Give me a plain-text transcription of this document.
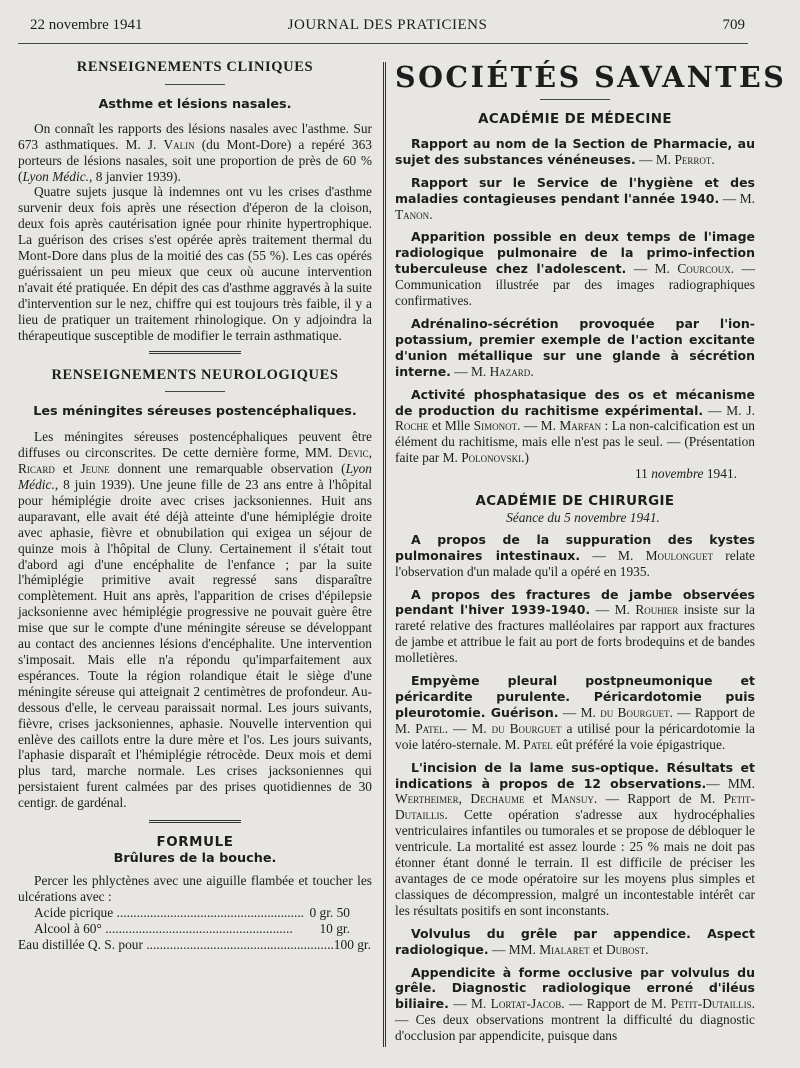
22 novembre 1941	JOURNAL DES PRATICIENS	709
RENSEIGNEMENTS CLINIQUES
Asthme et lésions nasales.

On connaît les rapports des lésions nasales avec l'asthme. Sur 673 asthmatiques. M. J. Valin (du Mont-Dore) a repéré 363 porteurs de lésions nasales, soit une proportion de près de 60 % (Lyon Médic., 8 janvier 1939).

Quatre sujets jusque là indemnes ont vu les crises d'asthme survenir deux fois après une résection d'éperon de la cloison, deux fois après cautérisation ignée pour rhinite hypertrophique. La guérison des crises s'est opérée après traitement thermal du Mont-Dore dans plus de la moitié des cas (55 %). Les cas opérés guérissaient un peu mieux que ceux où aucune intervention n'avait été pratiquée. En dépit des cas d'asthme aggravés à la suite d'intervention sur le nez, chiffre qui est toujours très faible, il y a lieu de pratiquer un traitement rhinologique. On y adjoindra la thérapeutique susceptible de modifier le terrain asthmatique.

RENSEIGNEMENTS NEUROLOGIQUES
Les méningites séreuses postencéphaliques.

Les méningites séreuses postencéphaliques peuvent être diffuses ou circonscrites. De cette dernière forme, MM. Devic, Ricard et Jeune donnent une remarquable observation (Lyon Médic., 8 juin 1939). Une jeune fille de 23 ans entre à l'hôpital pour hémiplégie droite avec crises jacksoniennes. Huit ans auparavant, elle avait été déjà atteinte d'une hémiplégie droite avec aphasie, fièvre et obnubilation qui exigea un séjour de quinze mois à l'hôpital de Cluny. Certainement il s'était tout d'abord agi d'une encéphalite de l'enfance ; par la suite l'hémiplégie primitive avait regressé sans disparaître complètement. Huit ans après, l'apparition de crises d'épilepsie jacksonienne avec hémiplégie progressive ne pouvait guère être mise que sur le compte d'une méningite séreuse se développant au contact des anciennes lésions d'encéphalite. Une intervention s'imposait. Mais elle n'a répondu qu'imparfaitement aux espérances. Toute la région rolandique était le siège d'une méningite séreuse qui atteignait 2 centimètres de profondeur. Au-dessous d'elle, le cerveau paraissait normal. Les jours suivants, fièvre, crises jacksoniennes, aphasie. Nouvelle intervention qui enlève des caillots entre la dure mère et l'os. Les jours suivants, l'aphasie disparaît et l'hémiplégie rétrocède. Deux mois et demi plus tard, marche normale. Les crises jacksoniennes qui persistaient furent calmées par des prises quotidiennes de 30 centigr. de gardénal.

FORMULE
Brûlures de la bouche.

Percer les phlyctènes avec une aiguille flambée et toucher les ulcérations avec :

Acide picrique ........................................................ 0 gr. 50
Alcool à 60° ........................................................	10 gr.
Eau distillée Q. S. pour ........................................................ 100 gr.
SOCIÉTÉS SAVANTES
ACADÉMIE DE MÉDECINE

Rapport au nom de la Section de Pharmacie, au sujet des substances vénéneuses. — M. Perrot.

Rapport sur le Service de l'hygiène et des maladies contagieuses pendant l'année 1940. — M. Tanon.

Apparition possible en deux temps de l'image radiologique pulmonaire de la primo-infection tuberculeuse chez l'adolescent. — M. Courcoux. — Communication illustrée par des images radiographiques confirmatives.

Adrénalino-sécrétion provoquée par l'ion-potassium, premier exemple de l'action excitante d'union métallique sur une glande à sécrétion interne. — M. Hazard.

Activité phosphatasique des os et mécanisme de production du rachitisme expérimental. — M. J. Roche et Mlle Simonot. — M. Marfan : La non-calcification est un élément du rachitisme, mais elle n'est pas le seul. — (Présentation faite par M. Polonovski.)

11 novembre 1941.

ACADÉMIE DE CHIRURGIE

Séance du 5 novembre 1941.

A propos de la suppuration des kystes pulmonaires intestinaux. — M. Moulonguet relate l'observation d'un malade qu'il a opéré en 1935.

A propos des fractures de jambe observées pendant l'hiver 1939-1940. — M. Rouhier insiste sur la rareté relative des fractures malléolaires par rapport aux fractures de jambe et attribue le fait au port de forts brodequins et de bandes molletières.

Empyème pleural postpneumonique et péricardite purulente. Péricardotomie puis pleurotomie. Guérison. — M. du Bourguet. — Rapport de M. Patel. — M. du Bourguet a utilisé pour la péricardotomie la voie latéro-sternale. M. Patel eût préféré la voie épigastrique.

L'incision de la lame sus-optique. Résultats et indications à propos de 12 observations.— MM. Wertheimer, Dechaume et Mansuy. — Rapport de M. Petit-Dutaillis. Cette opération s'adresse aux hydrocéphalies ventriculaires infantiles ou tumorales et se propose de débloquer le ventricule. La mortalité est assez lourde : 25 % mais ne doit pas étonner étant donné le terrain. Il est difficile de préciser les avantages de ce mode opératoire sur les moyens plus simples et classiques de décompression, malgré un incontestable intérêt car les résultats positifs en sont inconstants.

Volvulus du grêle par appendice. Aspect radiologique. — MM. Mialaret et Dubost.

Appendicite à forme occlusive par volvulus du grêle. Diagnostic radiologique erroné d'iléus biliaire. — M. Lortat-Jacob. — Rapport de M. Petit-Dutaillis. — Ces deux observations montrent la difficulté du diagnostic d'occlusion par appendicite, puisque dans
